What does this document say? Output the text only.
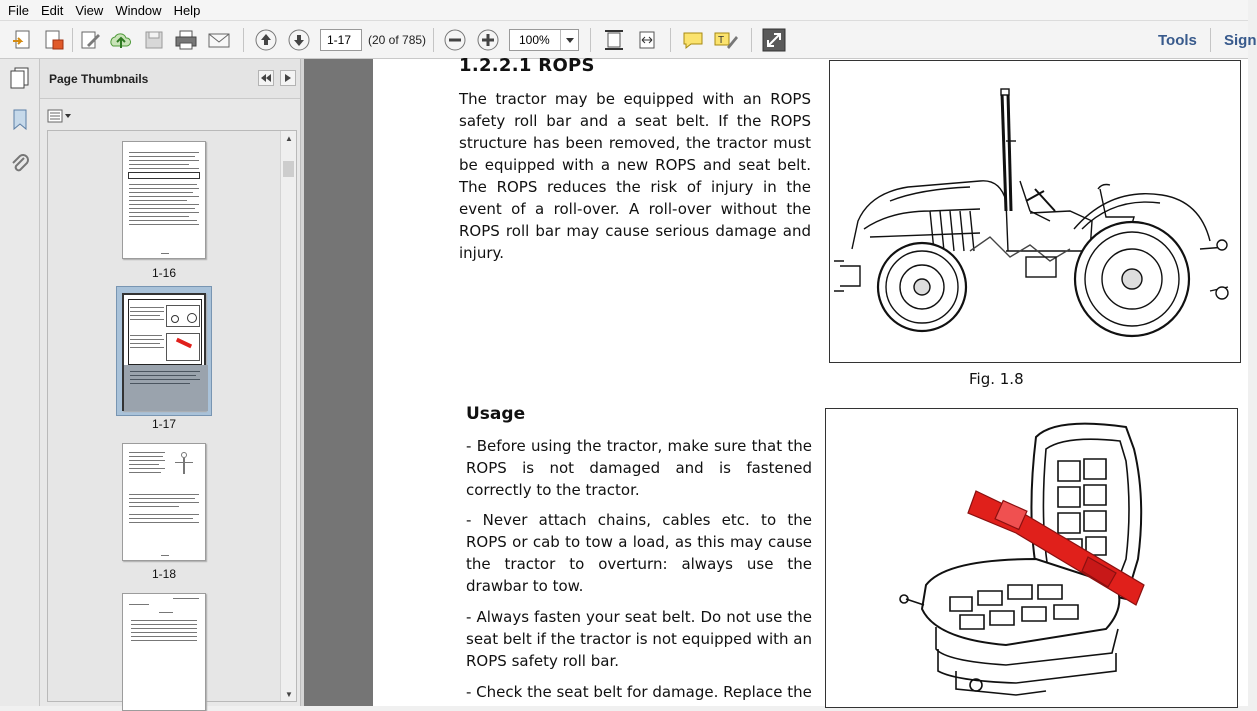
File Edit View Window Help
1-17	(20 of 785)	100%	T	Tools Sign
Page Thumbnails
1-16
1-17
1-18
▲
▼
1.2.2.1 ROPS
The tractor may be equipped with an ROPS safety roll bar and a seat belt. If the ROPS structure has been removed, the tractor must be equipped with a new ROPS and seat belt. The ROPS reduces the risk of injury in the event of a roll-over. A roll-over without the ROPS roll bar may cause serious damage and injury.
Fig. 1.8
Usage
- Before using the tractor, make sure that the ROPS is not damaged and is fastened correctly to the tractor.
- Never attach chains, cables etc. to the ROPS or cab to tow a load, as this may cause the tractor to overturn: always use the drawbar to tow.
- Always fasten your seat belt. Do not use the seat belt if the tractor is not equipped with an ROPS safety roll bar.
- Check the seat belt for damage. Replace the
